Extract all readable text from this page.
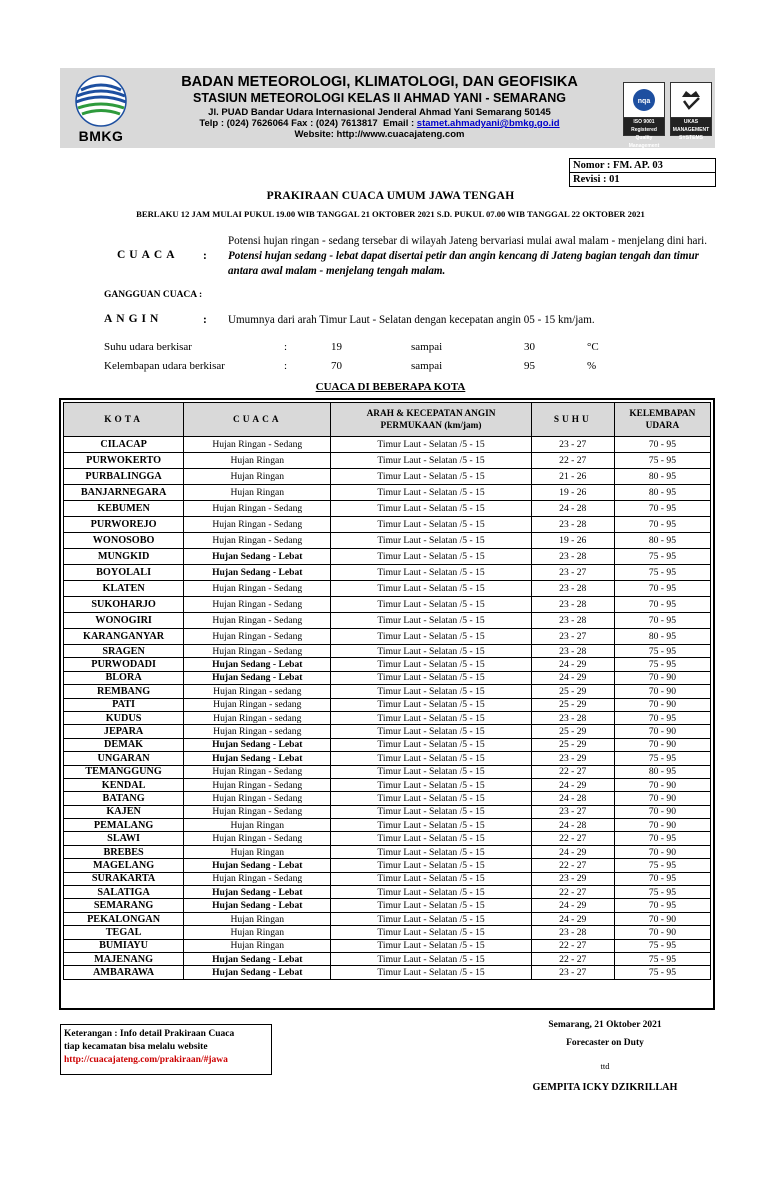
BMKG
BADAN METEOROLOGI, KLIMATOLOGI, DAN GEOFISIKA
STASIUN METEOROLOGI KELAS II AHMAD YANI - SEMARANG
Jl. PUAD Bandar Udara Internasional Jenderal Ahmad Yani Semarang 50145
Telp : (024) 7626064 Fax : (024) 7613817 Email : stamet.ahmadyani@bmkg.go.id
Website: http://www.cuacajateng.com
nqa
ISO 9001 Registered Quality Management
UKAS MANAGEMENT SYSTEMS
Nomor : FM. AP. 03
Revisi : 01
PRAKIRAAN CUACA UMUM JAWA TENGAH
BERLAKU 12 JAM MULAI PUKUL 19.00 WIB TANGGAL 21 OKTOBER 2021 S.D. PUKUL 07.00 WIB TANGGAL 22 OKTOBER 2021
CUACA :
Potensi hujan ringan - sedang tersebar di wilayah Jateng bervariasi mulai awal malam - menjelang dini hari. Potensi hujan sedang - lebat dapat disertai petir dan angin kencang di Jateng bagian tengah dan timur antara awal malam - menjelang tengah malam.
GANGGUAN CUACA :
ANGIN	: Umumnya dari arah Timur Laut - Selatan dengan kecepatan angin 05 - 15 km/jam.
Suhu udara berkisar	:	19	sampai	30	°C
Kelembapan udara berkisar	:	70	sampai	95	%
CUACA DI BEBERAPA KOTA
KOTA	CUACA	ARAH & KECEPATAN ANGIN PERMUKAAN (km/jam)	SUHU	KELEMBAPAN UDARA
CILACAP	Hujan Ringan - Sedang	Timur Laut - Selatan /5 - 15	23 - 27	70 - 95
PURWOKERTO	Hujan Ringan	Timur Laut - Selatan /5 - 15	22 - 27	75 - 95
PURBALINGGA	Hujan Ringan	Timur Laut - Selatan /5 - 15	21 - 26	80 - 95
BANJARNEGARA	Hujan Ringan	Timur Laut - Selatan /5 - 15	19 - 26	80 - 95
KEBUMEN	Hujan Ringan - Sedang	Timur Laut - Selatan /5 - 15	24 - 28	70 - 95
PURWOREJO	Hujan Ringan - Sedang	Timur Laut - Selatan /5 - 15	23 - 28	70 - 95
WONOSOBO	Hujan Ringan - Sedang	Timur Laut - Selatan /5 - 15	19 - 26	80 - 95
MUNGKID	Hujan Sedang - Lebat	Timur Laut - Selatan /5 - 15	23 - 28	75 - 95
BOYOLALI	Hujan Sedang - Lebat	Timur Laut - Selatan /5 - 15	23 - 27	75 - 95
KLATEN	Hujan Ringan - Sedang	Timur Laut - Selatan /5 - 15	23 - 28	70 - 95
SUKOHARJO	Hujan Ringan - Sedang	Timur Laut - Selatan /5 - 15	23 - 28	70 - 95
WONOGIRI	Hujan Ringan - Sedang	Timur Laut - Selatan /5 - 15	23 - 28	70 - 95
KARANGANYAR	Hujan Ringan - Sedang	Timur Laut - Selatan /5 - 15	23 - 27	80 - 95
SRAGEN	Hujan Ringan - Sedang	Timur Laut - Selatan /5 - 15	23 - 28	75 - 95
PURWODADI	Hujan Sedang - Lebat	Timur Laut - Selatan /5 - 15	24 - 29	75 - 95
BLORA	Hujan Sedang - Lebat	Timur Laut - Selatan /5 - 15	24 - 29	70 - 90
REMBANG	Hujan Ringan - sedang	Timur Laut - Selatan /5 - 15	25 - 29	70 - 90
PATI	Hujan Ringan - sedang	Timur Laut - Selatan /5 - 15	25 - 29	70 - 90
KUDUS	Hujan Ringan - sedang	Timur Laut - Selatan /5 - 15	23 - 28	70 - 95
JEPARA	Hujan Ringan - sedang	Timur Laut - Selatan /5 - 15	25 - 29	70 - 90
DEMAK	Hujan Sedang - Lebat	Timur Laut - Selatan /5 - 15	25 - 29	70 - 90
UNGARAN	Hujan Sedang - Lebat	Timur Laut - Selatan /5 - 15	23 - 29	75 - 95
TEMANGGUNG	Hujan Ringan - Sedang	Timur Laut - Selatan /5 - 15	22 - 27	80 - 95
KENDAL	Hujan Ringan - Sedang	Timur Laut - Selatan /5 - 15	24 - 29	70 - 90
BATANG	Hujan Ringan - Sedang	Timur Laut - Selatan /5 - 15	24 - 28	70 - 90
KAJEN	Hujan Ringan - Sedang	Timur Laut - Selatan /5 - 15	23 - 27	70 - 90
PEMALANG	Hujan Ringan	Timur Laut - Selatan /5 - 15	24 - 28	70 - 90
SLAWI	Hujan Ringan - Sedang	Timur Laut - Selatan /5 - 15	22 - 27	70 - 95
BREBES	Hujan Ringan	Timur Laut - Selatan /5 - 15	24 - 29	70 - 90
MAGELANG	Hujan Sedang - Lebat	Timur Laut - Selatan /5 - 15	22 - 27	75 - 95
SURAKARTA	Hujan Ringan - Sedang	Timur Laut - Selatan /5 - 15	23 - 29	70 - 95
SALATIGA	Hujan Sedang - Lebat	Timur Laut - Selatan /5 - 15	22 - 27	75 - 95
SEMARANG	Hujan Sedang - Lebat	Timur Laut - Selatan /5 - 15	24 - 29	70 - 95
PEKALONGAN	Hujan Ringan	Timur Laut - Selatan /5 - 15	24 - 29	70 - 90
TEGAL	Hujan Ringan	Timur Laut - Selatan /5 - 15	23 - 28	70 - 90
BUMIAYU	Hujan Ringan	Timur Laut - Selatan /5 - 15	22 - 27	75 - 95
MAJENANG	Hujan Sedang - Lebat	Timur Laut - Selatan /5 - 15	22 - 27	75 - 95
AMBARAWA	Hujan Sedang - Lebat	Timur Laut - Selatan /5 - 15	23 - 27	75 - 95
Keterangan : Info detail Prakiraan Cuaca
tiap kecamatan bisa melalu website
http://cuacajateng.com/prakiraan/#jawa
Semarang, 21 Oktober 2021
Forecaster on Duty
ttd
GEMPITA ICKY DZIKRILLAH
